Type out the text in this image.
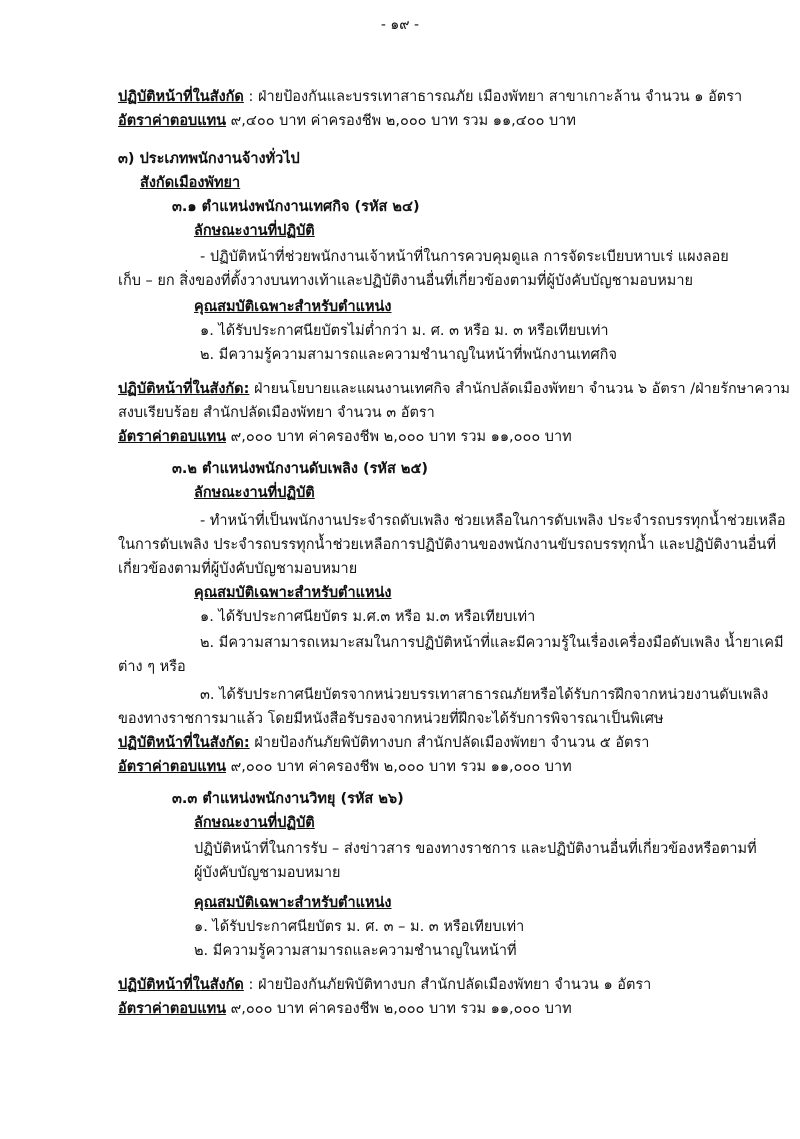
- ๑๙ -
ปฏิบัติหน้าที่ในสังกัด : ฝ่ายป้องกันและบรรเทาสาธารณภัย เมืองพัทยา สาขาเกาะล้าน จำนวน ๑ อัตรา
อัตราค่าตอบแทน ๙,๔๐๐ บาท ค่าครองชีพ ๒,๐๐๐ บาท รวม ๑๑,๔๐๐ บาท
๓) ประเภทพนักงานจ้างทั่วไป
สังกัดเมืองพัทยา
๓.๑ ตำแหน่งพนักงานเทศกิจ (รหัส ๒๔)
ลักษณะงานที่ปฏิบัติ
- ปฏิบัติหน้าที่ช่วยพนักงานเจ้าหน้าที่ในการควบคุมดูแล การจัดระเบียบหาบเร่ แผงลอย
เก็บ – ยก สิ่งของที่ตั้งวางบนทางเท้าและปฏิบัติงานอื่นที่เกี่ยวข้องตามที่ผู้บังคับบัญชามอบหมาย
คุณสมบัติเฉพาะสำหรับตำแหน่ง
๑. ได้รับประกาศนียบัตรไม่ต่ำกว่า ม. ศ. ๓ หรือ ม. ๓ หรือเทียบเท่า
๒. มีความรู้ความสามารถและความชำนาญในหน้าที่พนักงานเทศกิจ
ปฏิบัติหน้าที่ในสังกัด: ฝ่ายนโยบายและแผนงานเทศกิจ สำนักปลัดเมืองพัทยา จำนวน ๖ อัตรา /ฝ่ายรักษาความ
สงบเรียบร้อย สำนักปลัดเมืองพัทยา จำนวน ๓ อัตรา
อัตราค่าตอบแทน ๙,๐๐๐ บาท ค่าครองชีพ ๒,๐๐๐ บาท รวม ๑๑,๐๐๐ บาท
๓.๒ ตำแหน่งพนักงานดับเพลิง (รหัส ๒๕)
ลักษณะงานที่ปฏิบัติ
- ทำหน้าที่เป็นพนักงานประจำรถดับเพลิง ช่วยเหลือในการดับเพลิง ประจำรถบรรทุกน้ำช่วยเหลือ
ในการดับเพลิง ประจำรถบรรทุกน้ำช่วยเหลือการปฏิบัติงานของพนักงานขับรถบรรทุกน้ำ และปฏิบัติงานอื่นที่
เกี่ยวข้องตามที่ผู้บังคับบัญชามอบหมาย
คุณสมบัติเฉพาะสำหรับตำแหน่ง
๑. ได้รับประกาศนียบัตร ม.ศ.๓ หรือ ม.๓ หรือเทียบเท่า
๒. มีความสามารถเหมาะสมในการปฏิบัติหน้าที่และมีความรู้ในเรื่องเครื่องมือดับเพลิง น้ำยาเคมี
ต่าง ๆ หรือ
๓. ได้รับประกาศนียบัตรจากหน่วยบรรเทาสาธารณภัยหรือได้รับการฝึกจากหน่วยงานดับเพลิง
ของทางราชการมาแล้ว โดยมีหนังสือรับรองจากหน่วยที่ฝึกจะได้รับการพิจารณาเป็นพิเศษ
ปฏิบัติหน้าที่ในสังกัด: ฝ่ายป้องกันภัยพิบัติทางบก สำนักปลัดเมืองพัทยา จำนวน ๕ อัตรา
อัตราค่าตอบแทน ๙,๐๐๐ บาท ค่าครองชีพ ๒,๐๐๐ บาท รวม ๑๑,๐๐๐ บาท
๓.๓ ตำแหน่งพนักงานวิทยุ (รหัส ๒๖)
ลักษณะงานที่ปฏิบัติ
ปฏิบัติหน้าที่ในการรับ – ส่งข่าวสาร ของทางราชการ และปฏิบัติงานอื่นที่เกี่ยวข้องหรือตามที่
ผู้บังคับบัญชามอบหมาย
คุณสมบัติเฉพาะสำหรับตำแหน่ง
๑. ได้รับประกาศนียบัตร ม. ศ. ๓ – ม. ๓ หรือเทียบเท่า
๒. มีความรู้ความสามารถและความชำนาญในหน้าที่
ปฏิบัติหน้าที่ในสังกัด : ฝ่ายป้องกันภัยพิบัติทางบก สำนักปลัดเมืองพัทยา จำนวน ๑ อัตรา
อัตราค่าตอบแทน ๙,๐๐๐ บาท ค่าครองชีพ ๒,๐๐๐ บาท รวม ๑๑,๐๐๐ บาท
